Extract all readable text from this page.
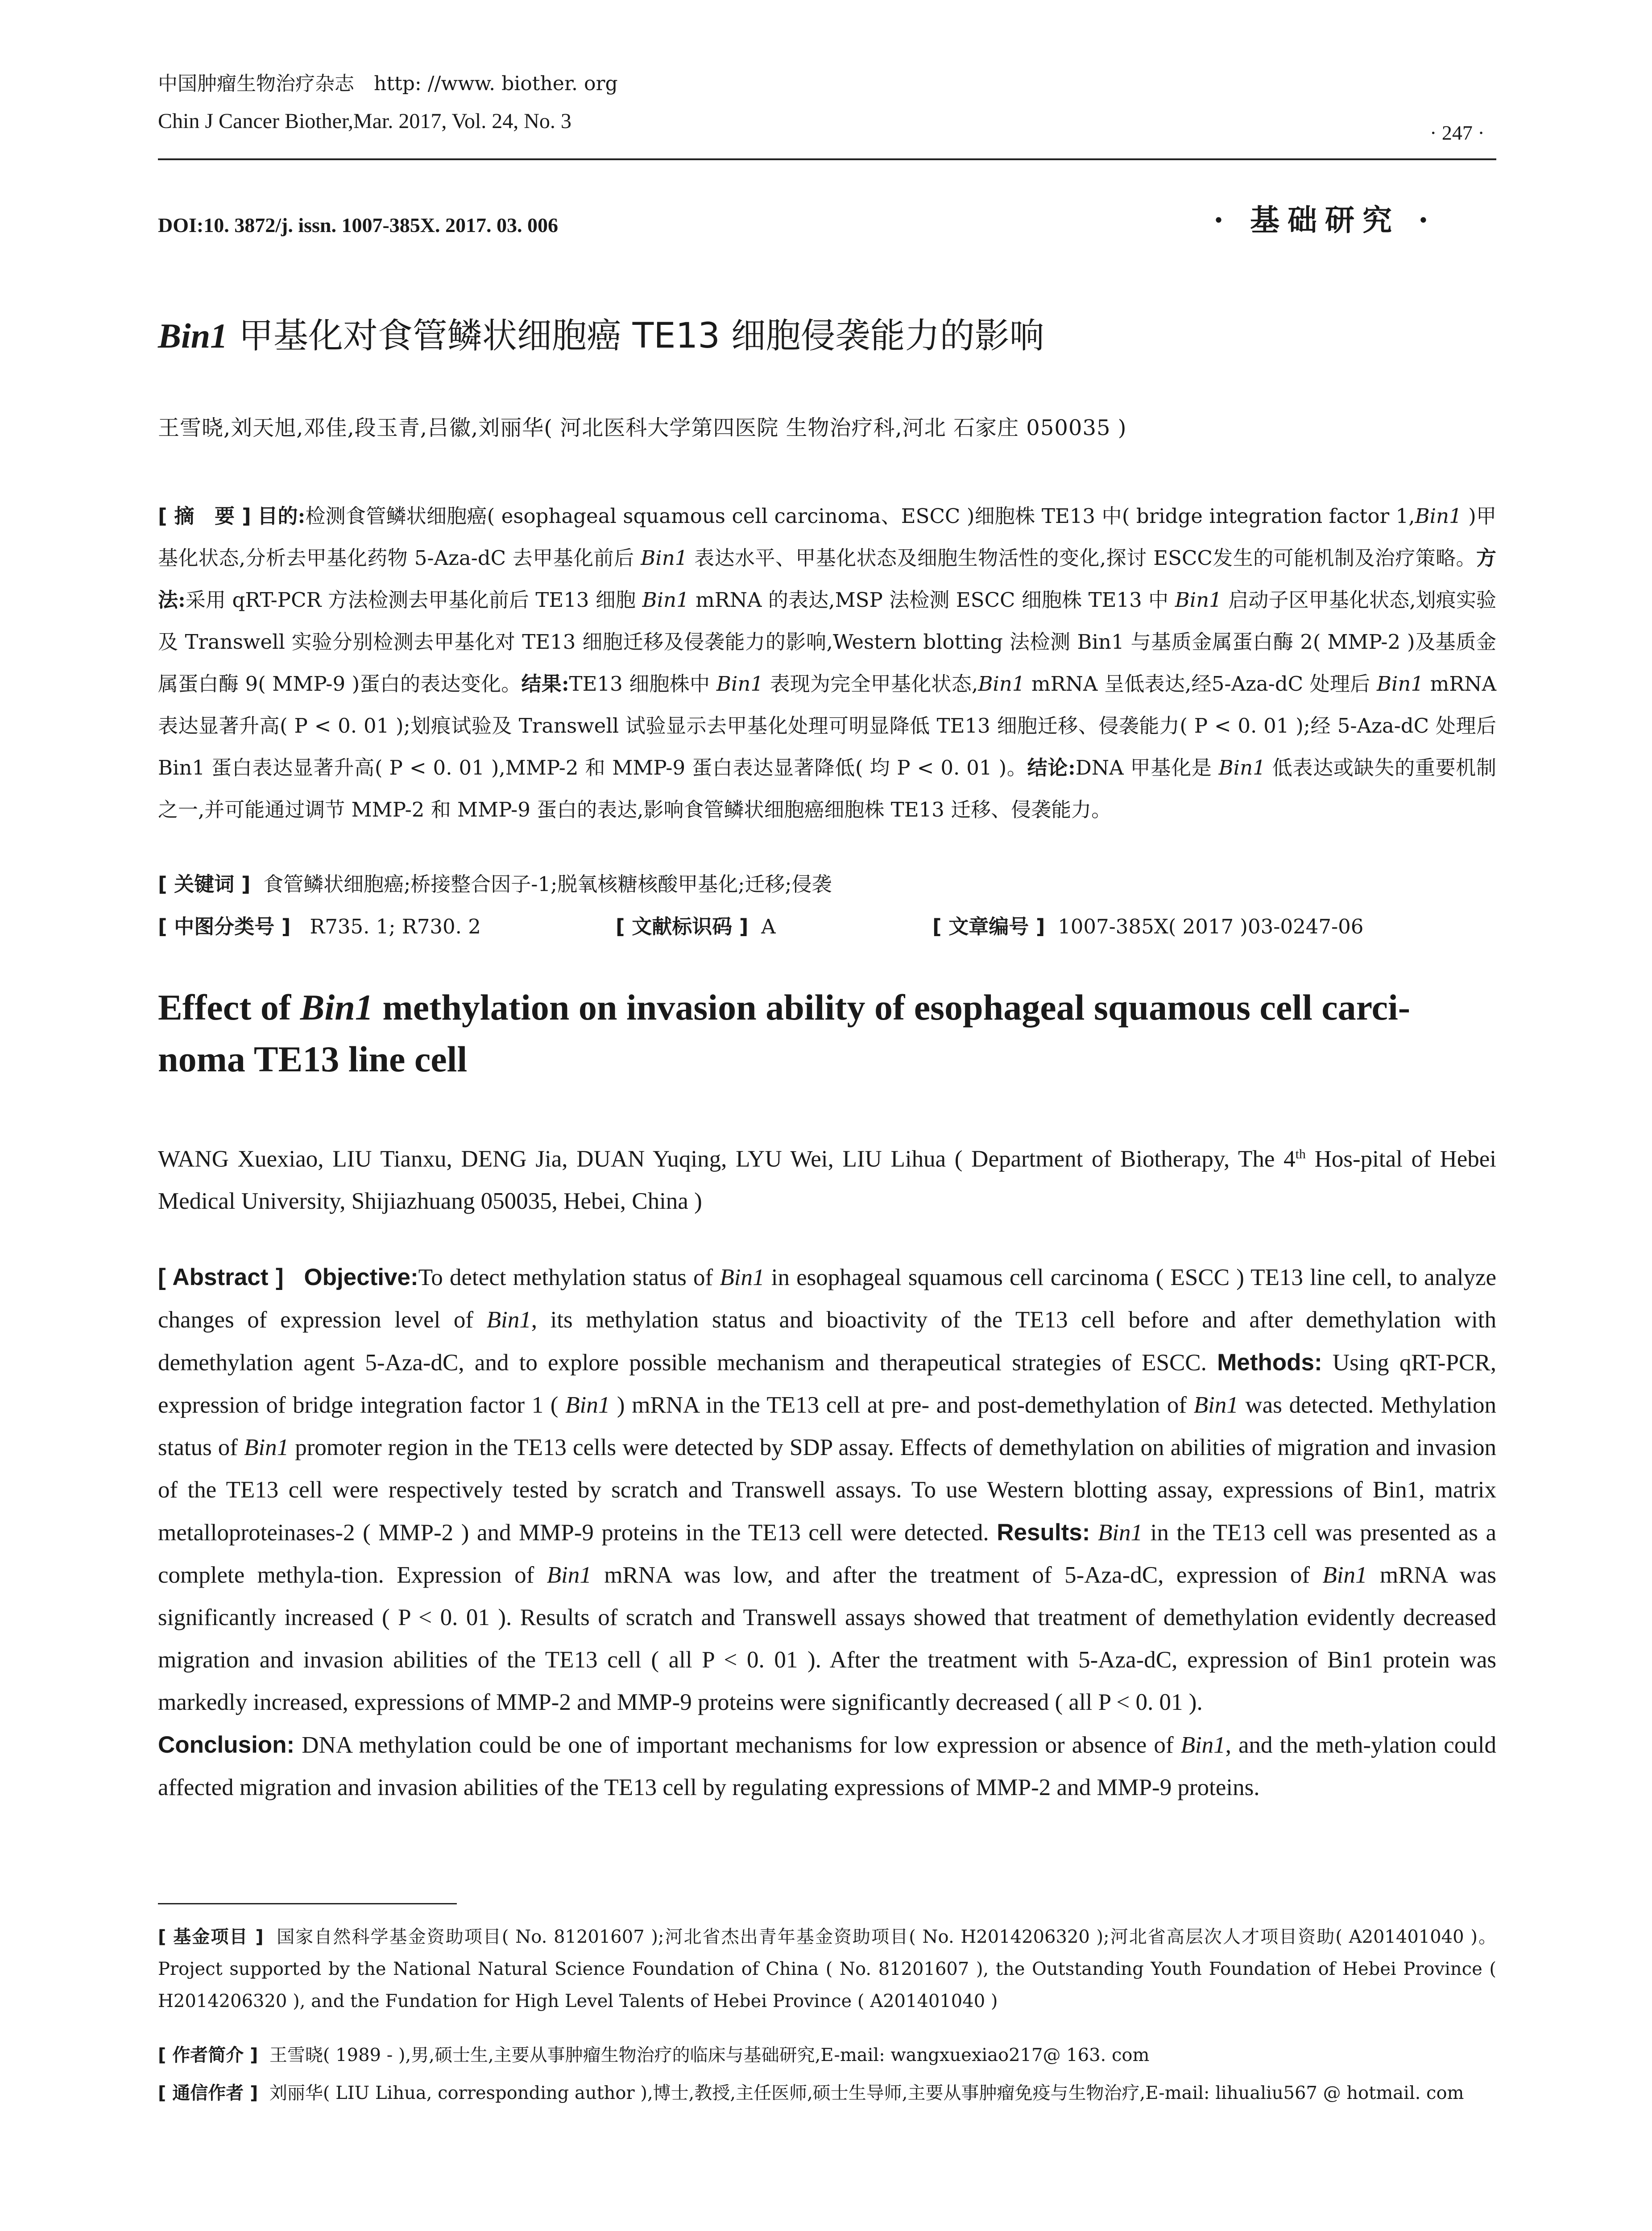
中国肿瘤生物治疗杂志　http: //www. biother. org
Chin J Cancer Biother,Mar. 2017, Vol. 24, No. 3	· 247 ·
DOI:10. 3872/j. issn. 1007-385X. 2017. 03. 006	· 基础研究 ·
Bin1 甲基化对食管鳞状细胞癌 TE13 细胞侵袭能力的影响
王雪晓,刘天旭,邓佳,段玉青,吕徽,刘丽华( 河北医科大学第四医院 生物治疗科,河北 石家庄 050035 )
[ 摘　要 ] 目的:检测食管鳞状细胞癌( esophageal squamous cell carcinoma、ESCC )细胞株 TE13 中( bridge integration factor 1,Bin1 )甲基化状态,分析去甲基化药物 5-Aza-dC 去甲基化前后 Bin1 表达水平、甲基化状态及细胞生物活性的变化,探讨 ESCC发生的可能机制及治疗策略。方法:采用 qRT-PCR 方法检测去甲基化前后 TE13 细胞 Bin1 mRNA 的表达,MSP 法检测 ESCC 细胞株 TE13 中 Bin1 启动子区甲基化状态,划痕实验及 Transwell 实验分别检测去甲基化对 TE13 细胞迁移及侵袭能力的影响,Western blotting 法检测 Bin1 与基质金属蛋白酶 2( MMP-2 )及基质金属蛋白酶 9( MMP-9 )蛋白的表达变化。结果:TE13 细胞株中 Bin1 表现为完全甲基化状态,Bin1 mRNA 呈低表达,经5-Aza-dC 处理后 Bin1 mRNA 表达显著升高( P < 0. 01 );划痕试验及 Transwell 试验显示去甲基化处理可明显降低 TE13 细胞迁移、侵袭能力( P < 0. 01 );经 5-Aza-dC 处理后 Bin1 蛋白表达显著升高( P < 0. 01 ),MMP-2 和 MMP-9 蛋白表达显著降低( 均 P < 0. 01 )。结论:DNA 甲基化是 Bin1 低表达或缺失的重要机制之一,并可能通过调节 MMP-2 和 MMP-9 蛋白的表达,影响食管鳞状细胞癌细胞株 TE13 迁移、侵袭能力。
[ 关键词 ] 食管鳞状细胞癌;桥接整合因子-1;脱氧核糖核酸甲基化;迁移;侵袭
[ 中图分类号 ] R735. 1; R730. 2	[ 文献标识码 ] A	[ 文章编号 ] 1007-385X( 2017 )03-0247-06
Effect of Bin1 methylation on invasion ability of esophageal squamous cell carci-noma TE13 line cell
WANG Xuexiao, LIU Tianxu, DENG Jia, DUAN Yuqing, LYU Wei, LIU Lihua ( Department of Biotherapy, The 4th Hos-pital of Hebei Medical University, Shijiazhuang 050035, Hebei, China )
[ Abstract ] Objective:To detect methylation status of Bin1 in esophageal squamous cell carcinoma ( ESCC ) TE13 line cell, to analyze changes of expression level of Bin1, its methylation status and bioactivity of the TE13 cell before and after demethylation with demethylation agent 5-Aza-dC, and to explore possible mechanism and therapeutical strategies of ESCC. Methods: Using qRT-PCR, expression of bridge integration factor 1 ( Bin1 ) mRNA in the TE13 cell at pre- and post-demethylation of Bin1 was detected. Methylation status of Bin1 promoter region in the TE13 cells were detected by SDP assay. Effects of demethylation on abilities of migration and invasion of the TE13 cell were respectively tested by scratch and Transwell assays. To use Western blotting assay, expressions of Bin1, matrix metalloproteinases-2 ( MMP-2 ) and MMP-9 proteins in the TE13 cell were detected. Results: Bin1 in the TE13 cell was presented as a complete methyla-tion. Expression of Bin1 mRNA was low, and after the treatment of 5-Aza-dC, expression of Bin1 mRNA was significantly increased ( P < 0. 01 ). Results of scratch and Transwell assays showed that treatment of demethylation evidently decreased migration and invasion abilities of the TE13 cell ( all P < 0. 01 ). After the treatment with 5-Aza-dC, expression of Bin1 protein was markedly increased, expressions of MMP-2 and MMP-9 proteins were significantly decreased ( all P < 0. 01 ).
Conclusion: DNA methylation could be one of important mechanisms for low expression or absence of Bin1, and the meth-ylation could affected migration and invasion abilities of the TE13 cell by regulating expressions of MMP-2 and MMP-9 proteins.
[ 基金项目 ] 国家自然科学基金资助项目( No. 81201607 );河北省杰出青年基金资助项目( No. H2014206320 );河北省高层次人才项目资助( A201401040 )。Project supported by the National Natural Science Foundation of China ( No. 81201607 ), the Outstanding Youth Foundation of Hebei Province ( H2014206320 ), and the Fundation for High Level Talents of Hebei Province ( A201401040 )
[ 作者简介 ] 王雪晓( 1989 - ),男,硕士生,主要从事肿瘤生物治疗的临床与基础研究,E-mail: wangxuexiao217@ 163. com
[ 通信作者 ] 刘丽华( LIU Lihua, corresponding author ),博士,教授,主任医师,硕士生导师,主要从事肿瘤免疫与生物治疗,E-mail: lihualiu567 @ hotmail. com
